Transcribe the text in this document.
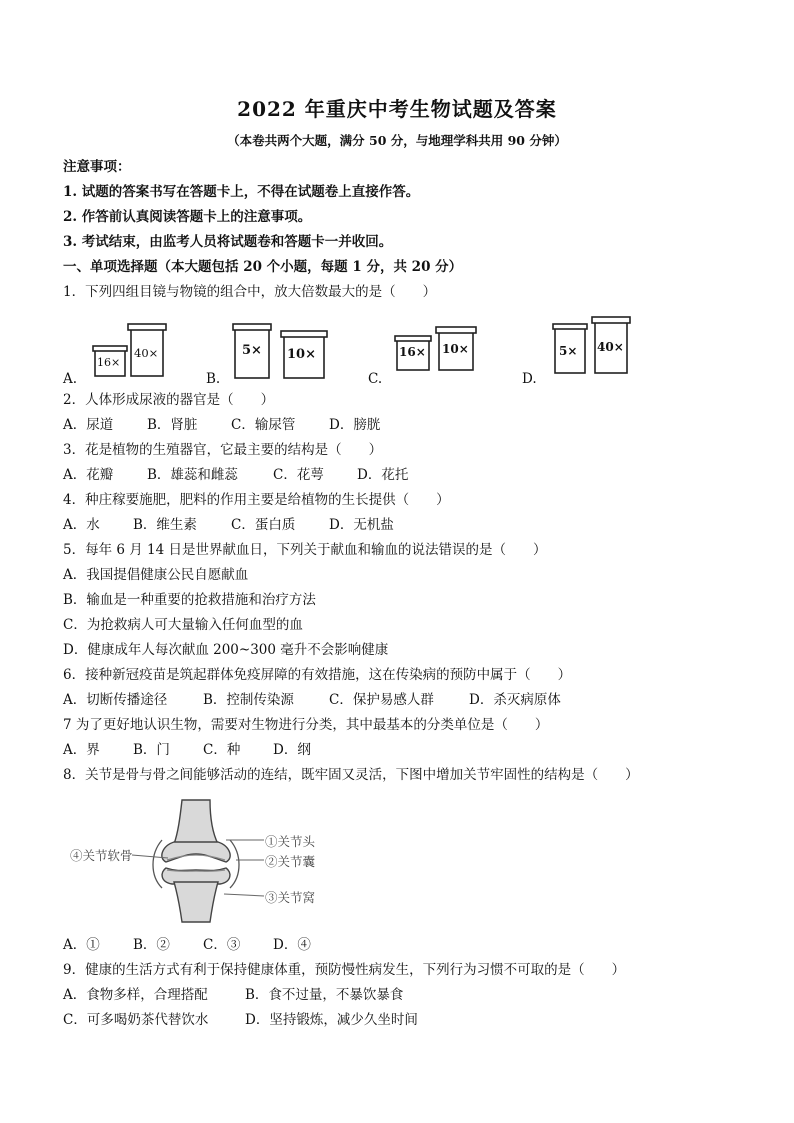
2022 年重庆中考生物试题及答案
（本卷共两个大题，满分 50 分，与地理学科共用 90 分钟）
注意事项：
1. 试题的答案书写在答题卡上，不得在试题卷上直接作答。
2. 作答前认真阅读答题卡上的注意事项。
3. 考试结束，由监考人员将试题卷和答题卡一并收回。
一、单项选择题（本大题包括 20 个小题，每题 1 分，共 20 分）
1．下列四组目镜与物镜的组合中，放大倍数最大的是（　　）
16×
40×	5× 10×	16× 10×	5× 40×
A.	B.	C.	D.
2．人体形成尿液的器官是（　　）
A．尿道	B．肾脏 C．输尿管 D．膀胱
3．花是植物的生殖器官，它最主要的结构是（　　）
A．花瓣	B．雄蕊和雌蕊	C．花萼 D．花托
4．种庄稼要施肥，肥料的作用主要是给植物的生长提供（　　）
A．水 B．维生素	C．蛋白质 D．无机盐
5．每年 6 月 14 日是世界献血日，下列关于献血和输血的说法错误的是（　　）
A．我国提倡健康公民自愿献血
B．输血是一种重要的抢救措施和治疗方法
C．为抢救病人可大量输入任何血型的血
D．健康成年人每次献血 200~300 毫升不会影响健康
6．接种新冠疫苗是筑起群体免疫屏障的有效措施，这在传染病的预防中属于（　　）
A．切断传播途径	B．控制传染源	C．保护易感人群	D．杀灭病原体
7 为了更好地认识生物，需要对生物进行分类，其中最基本的分类单位是（　　）
A．界 B．门 C．种 D．纲
8．关节是骨与骨之间能够活动的连结，既牢固又灵活，下图中增加关节牢固性的结构是（　　）
④关节软骨
①关节头
②关节囊
③关节窝
A．① B．② C．③ D．④
9．健康的生活方式有利于保持健康体重，预防慢性病发生，下列行为习惯不可取的是（　　）
A．食物多样，合理搭配	B．食不过量，不暴饮暴食
C．可多喝奶茶代替饮水	D．坚持锻炼，减少久坐时间
